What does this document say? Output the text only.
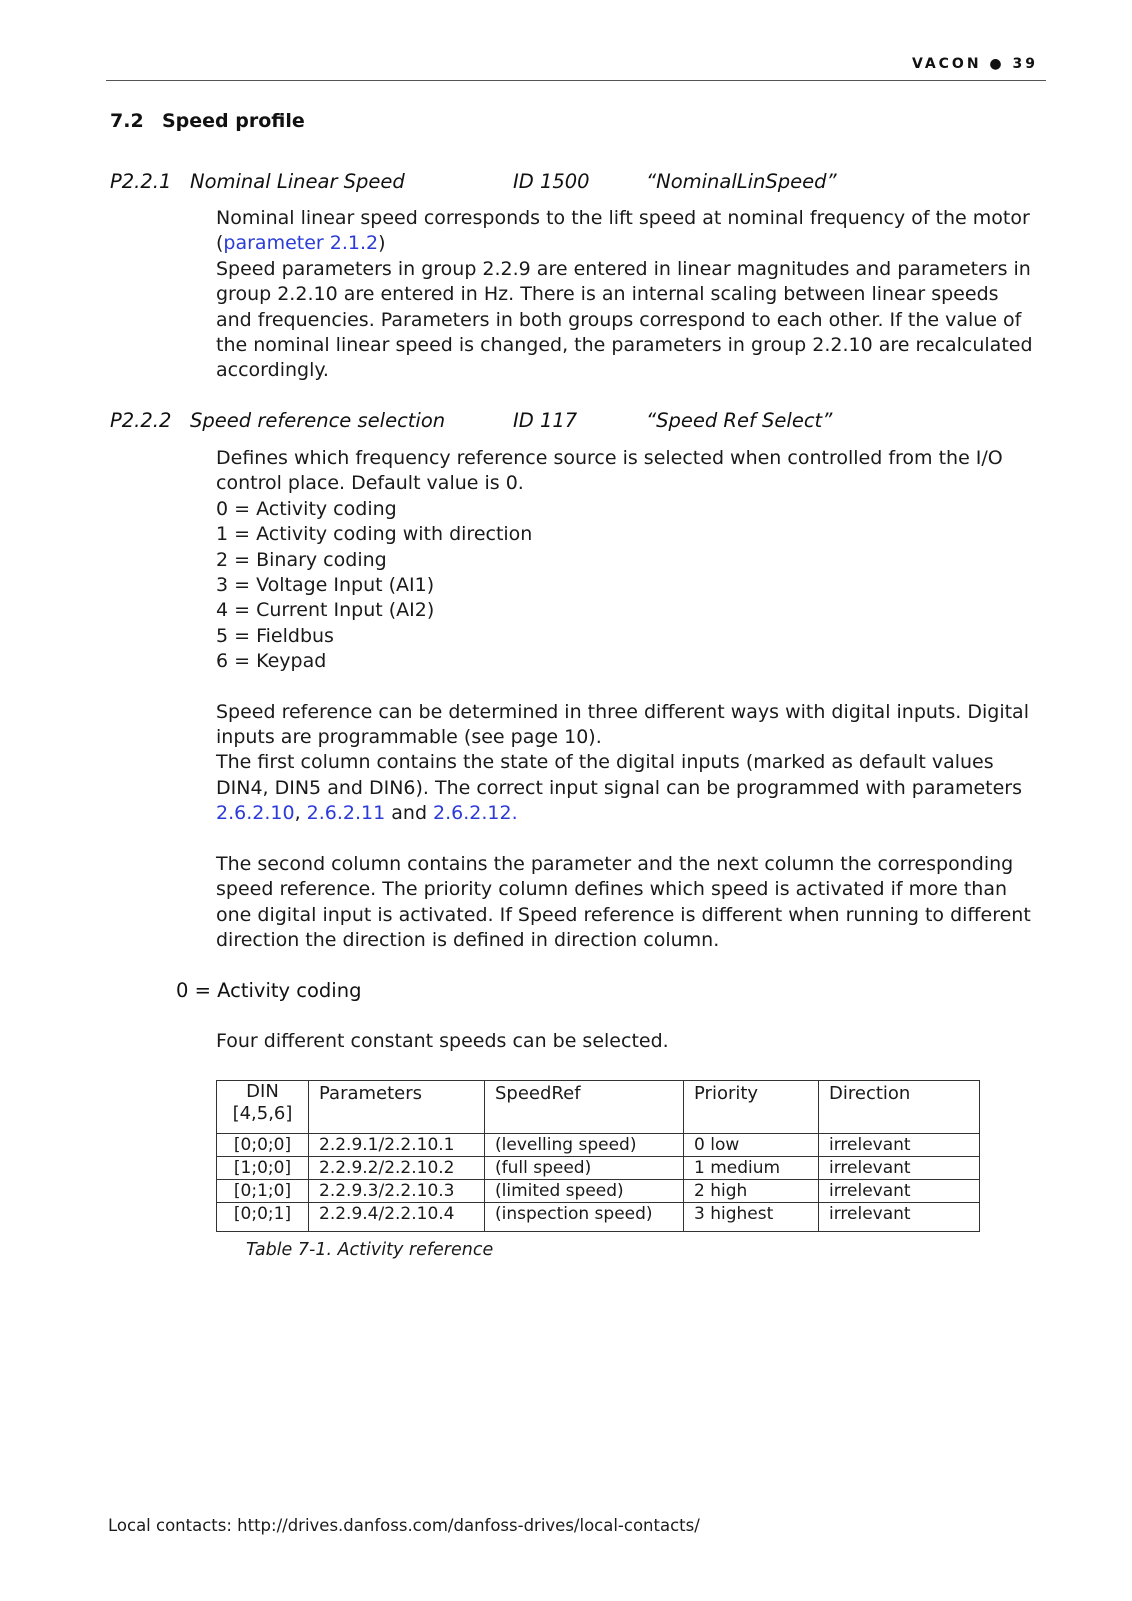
VACON ● 39
7.2 Speed profile
P2.2.1 Nominal Linear Speed	ID 1500	“NominalLinSpeed”

Nominal linear speed corresponds to the lift speed at nominal frequency of the motor

(parameter 2.1.2)

Speed parameters in group 2.2.9 are entered in linear magnitudes and parameters in group 2.2.10 are entered in Hz. There is an internal scaling between linear speeds and frequencies. Parameters in both groups correspond to each other. If the value of the nominal linear speed is changed, the parameters in group 2.2.10 are recalculated accordingly.

P2.2.2 Speed reference selection	ID 117	“Speed Ref Select”

Defines which frequency reference source is selected when controlled from the I/O control place. Default value is 0.

0 = Activity coding

1 = Activity coding with direction

2 = Binary coding

3 = Voltage Input (AI1)

4 = Current Input (AI2)

5 = Fieldbus

6 = Keypad

Speed reference can be determined in three different ways with digital inputs. Digital inputs are programmable (see page 10).

The first column contains the state of the digital inputs (marked as default values DIN4, DIN5 and DIN6). The correct input signal can be programmed with parameters 2.6.2.10, 2.6.2.11 and 2.6.2.12.

The second column contains the parameter and the next column the corresponding speed reference. The priority column defines which speed is activated if more than one digital input is activated. If Speed reference is different when running to different direction the direction is defined in direction column.

0 = Activity coding

Four different constant speeds can be selected.

DIN [4,5,6]	Parameters	SpeedRef	Priority	Direction
[0;0;0]	2.2.9.1/2.2.10.1	(levelling speed)	0 low	irrelevant
[1;0;0]	2.2.9.2/2.2.10.2	(full speed)	1 medium	irrelevant
[0;1;0]	2.2.9.3/2.2.10.3	(limited speed)	2 high	irrelevant
[0;0;1]	2.2.9.4/2.2.10.4	(inspection speed)	3 highest	irrelevant
Table 7-1. Activity reference
Local contacts: http://drives.danfoss.com/danfoss-drives/local-contacts/
